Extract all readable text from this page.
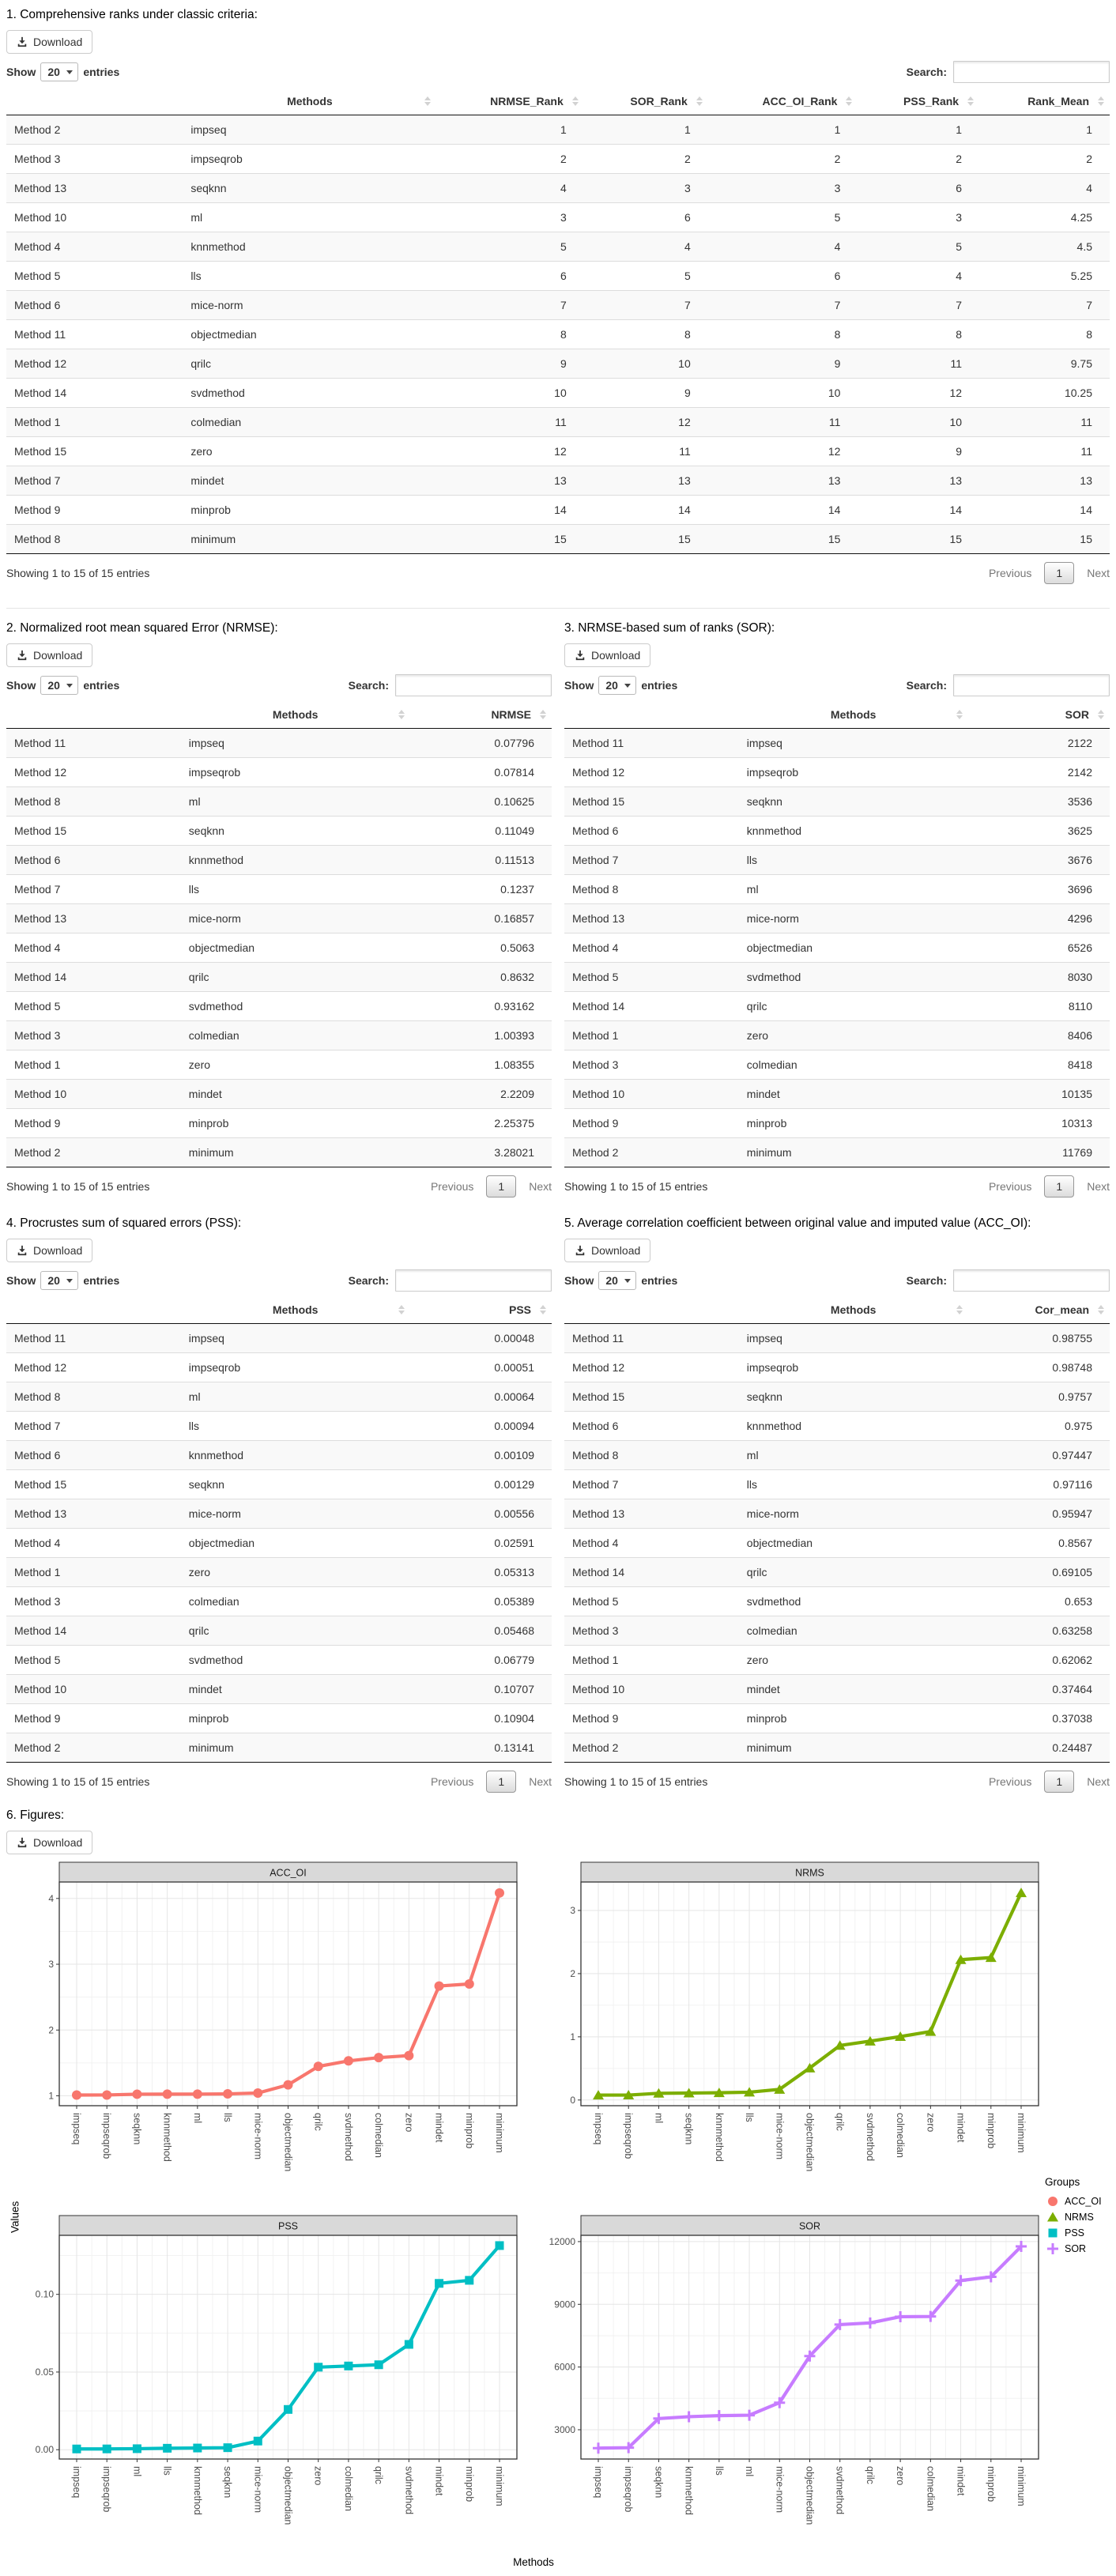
1. Comprehensive ranks under classic criteria:
Download
Show 20 entries	Search:
	Methods	NRMSE_Rank	SOR_Rank	ACC_OI_Rank	PSS_Rank	Rank_Mean

Method 2	impseq	1	1	1	1	1
Method 3	impseqrob	2	2	2	2	2
Method 13	seqknn	4	3	3	6	4
Method 10	ml	3	6	5	3	4.25
Method 4	knnmethod	5	4	4	5	4.5
Method 5	lls	6	5	6	4	5.25
Method 6	mice-norm	7	7	7	7	7
Method 11	objectmedian	8	8	8	8	8
Method 12	qrilc	9	10	9	11	9.75
Method 14	svdmethod	10	9	10	12	10.25
Method 1	colmedian	11	12	11	10	11
Method 15	zero	12	11	12	9	11
Method 7	mindet	13	13	13	13	13
Method 9	minprob	14	14	14	14	14
Method 8	minimum	15	15	15	15	15
Showing 1 to 15 of 15 entries	Previous	1	Next
2. Normalized root mean squared Error (NRMSE):
Download
Show 20 entries	Search:
	Methods	NRMSE

Method 11	impseq	0.07796
Method 12	impseqrob	0.07814
Method 8	ml	0.10625
Method 15	seqknn	0.11049
Method 6	knnmethod	0.11513
Method 7	lls	0.1237
Method 13	mice-norm	0.16857
Method 4	objectmedian	0.5063
Method 14	qrilc	0.8632
Method 5	svdmethod	0.93162
Method 3	colmedian	1.00393
Method 1	zero	1.08355
Method 10	mindet	2.2209
Method 9	minprob	2.25375
Method 2	minimum	3.28021
Showing 1 to 15 of 15 entries	Previous	1	Next
3. NRMSE-based sum of ranks (SOR):
Download
Show 20 entries	Search:
	Methods	SOR

Method 11	impseq	2122
Method 12	impseqrob	2142
Method 15	seqknn	3536
Method 6	knnmethod	3625
Method 7	lls	3676
Method 8	ml	3696
Method 13	mice-norm	4296
Method 4	objectmedian	6526
Method 5	svdmethod	8030
Method 14	qrilc	8110
Method 1	zero	8406
Method 3	colmedian	8418
Method 10	mindet	10135
Method 9	minprob	10313
Method 2	minimum	11769
Showing 1 to 15 of 15 entries	Previous	1	Next
4. Procrustes sum of squared errors (PSS):
Download
Show 20 entries	Search:
	Methods	PSS

Method 11	impseq	0.00048
Method 12	impseqrob	0.00051
Method 8	ml	0.00064
Method 7	lls	0.00094
Method 6	knnmethod	0.00109
Method 15	seqknn	0.00129
Method 13	mice-norm	0.00556
Method 4	objectmedian	0.02591
Method 1	zero	0.05313
Method 3	colmedian	0.05389
Method 14	qrilc	0.05468
Method 5	svdmethod	0.06779
Method 10	mindet	0.10707
Method 9	minprob	0.10904
Method 2	minimum	0.13141
Showing 1 to 15 of 15 entries	Previous	1	Next
5. Average correlation coefficient between original value and imputed value (ACC_OI):
Download
Show 20 entries	Search:
	Methods	Cor_mean

Method 11	impseq	0.98755
Method 12	impseqrob	0.98748
Method 15	seqknn	0.9757
Method 6	knnmethod	0.975
Method 8	ml	0.97447
Method 7	lls	0.97116
Method 13	mice-norm	0.95947
Method 4	objectmedian	0.8567
Method 14	qrilc	0.69105
Method 5	svdmethod	0.653
Method 3	colmedian	0.63258
Method 1	zero	0.62062
Method 10	mindet	0.37464
Method 9	minprob	0.37038
Method 2	minimum	0.24487
Showing 1 to 15 of 15 entries	Previous	1	Next
6. Figures:
Download
Values
ACC_OI
1
2
3
4
impseq impseqrob seqknn knnmethod ml lls mice-norm objectmedian qrilc svdmethod colmedian zero mindet minprob minimum
NRMS
0
1
2
3
impseq impseqrob ml seqknn knnmethod lls mice-norm objectmedian qrilc svdmethod colmedian zero mindet minprob minimum
PSS
0.00
0.05
0.10
impseq impseqrob ml lls knnmethod seqknn mice-norm objectmedian zero colmedian qrilc svdmethod mindet minprob minimum
SOR
3000
6000
9000
12000
impseq impseqrob seqknn knnmethod lls ml mice-norm objectmedian svdmethod qrilc zero colmedian mindet minprob minimum
Methods
Groups
ACC_OI
NRMS
PSS
SOR
